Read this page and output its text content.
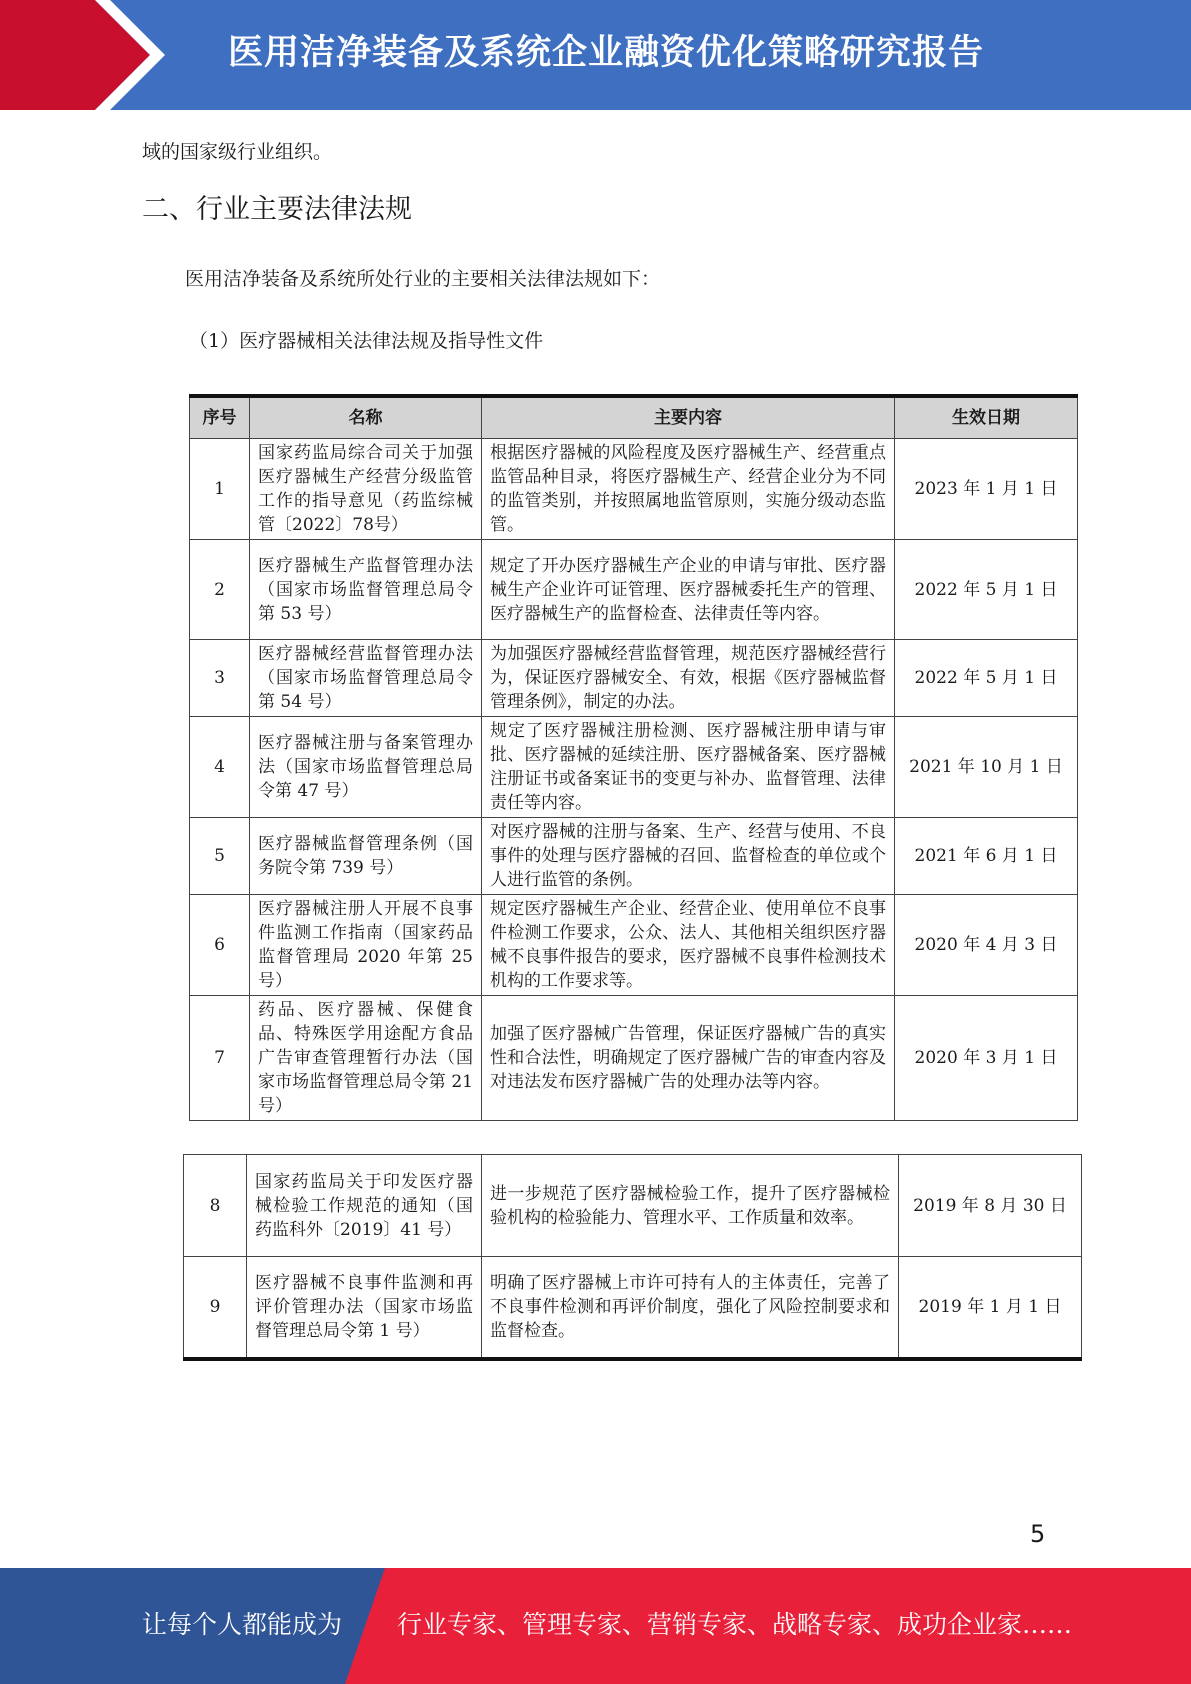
医用洁净装备及系统企业融资优化策略研究报告
域的国家级行业组织。
二、行业主要法律法规
医用洁净装备及系统所处行业的主要相关法律法规如下：
（1）医疗器械相关法律法规及指导性文件
序号	名称	主要内容	生效日期
1	国家药监局综合司关于加强医疗器械生产经营分级监管工作的指导意见（药监综械管〔2022〕78号）	根据医疗器械的风险程度及医疗器械生产、经营重点监管品种目录，将医疗器械生产、经营企业分为不同的监管类别，并按照属地监管原则，实施分级动态监管。	2023 年 1 月 1 日
2	医疗器械生产监督管理办法（国家市场监督管理总局令第 53 号）	规定了开办医疗器械生产企业的申请与审批、医疗器械生产企业许可证管理、医疗器械委托生产的管理、医疗器械生产的监督检查、法律责任等内容。	2022 年 5 月 1 日
3	医疗器械经营监督管理办法（国家市场监督管理总局令第 54 号）	为加强医疗器械经营监督管理，规范医疗器械经营行为，保证医疗器械安全、有效，根据《医疗器械监督管理条例》，制定的办法。	2022 年 5 月 1 日
4	医疗器械注册与备案管理办法（国家市场监督管理总局令第 47 号）	规定了医疗器械注册检测、医疗器械注册申请与审批、医疗器械的延续注册、医疗器械备案、医疗器械注册证书或备案证书的变更与补办、监督管理、法律责任等内容。	2021 年 10 月 1 日
5	医疗器械监督管理条例（国务院令第 739 号）	对医疗器械的注册与备案、生产、经营与使用、不良事件的处理与医疗器械的召回、监督检查的单位或个人进行监管的条例。	2021 年 6 月 1 日
6	医疗器械注册人开展不良事件监测工作指南（国家药品监督管理局 2020 年第 25 号）	规定医疗器械生产企业、经营企业、使用单位不良事件检测工作要求，公众、法人、其他相关组织医疗器械不良事件报告的要求，医疗器械不良事件检测技术机构的工作要求等。	2020 年 4 月 3 日
7	药品、医疗器械、保健食品、特殊医学用途配方食品广告审查管理暂行办法（国家市场监督管理总局令第 21 号）	加强了医疗器械广告管理，保证医疗器械广告的真实性和合法性，明确规定了医疗器械广告的审查内容及对违法发布医疗器械广告的处理办法等内容。	2020 年 3 月 1 日
8	国家药监局关于印发医疗器械检验工作规范的通知（国药监科外〔2019〕41 号）	进一步规范了医疗器械检验工作，提升了医疗器械检验机构的检验能力、管理水平、工作质量和效率。	2019 年 8 月 30 日
9	医疗器械不良事件监测和再评价管理办法（国家市场监督管理总局令第 1 号）	明确了医疗器械上市许可持有人的主体责任，完善了不良事件检测和再评价制度，强化了风险控制要求和监督检查。	2019 年 1 月 1 日
5
让每个人都能成为 行业专家、管理专家、营销专家、战略专家、成功企业家……
